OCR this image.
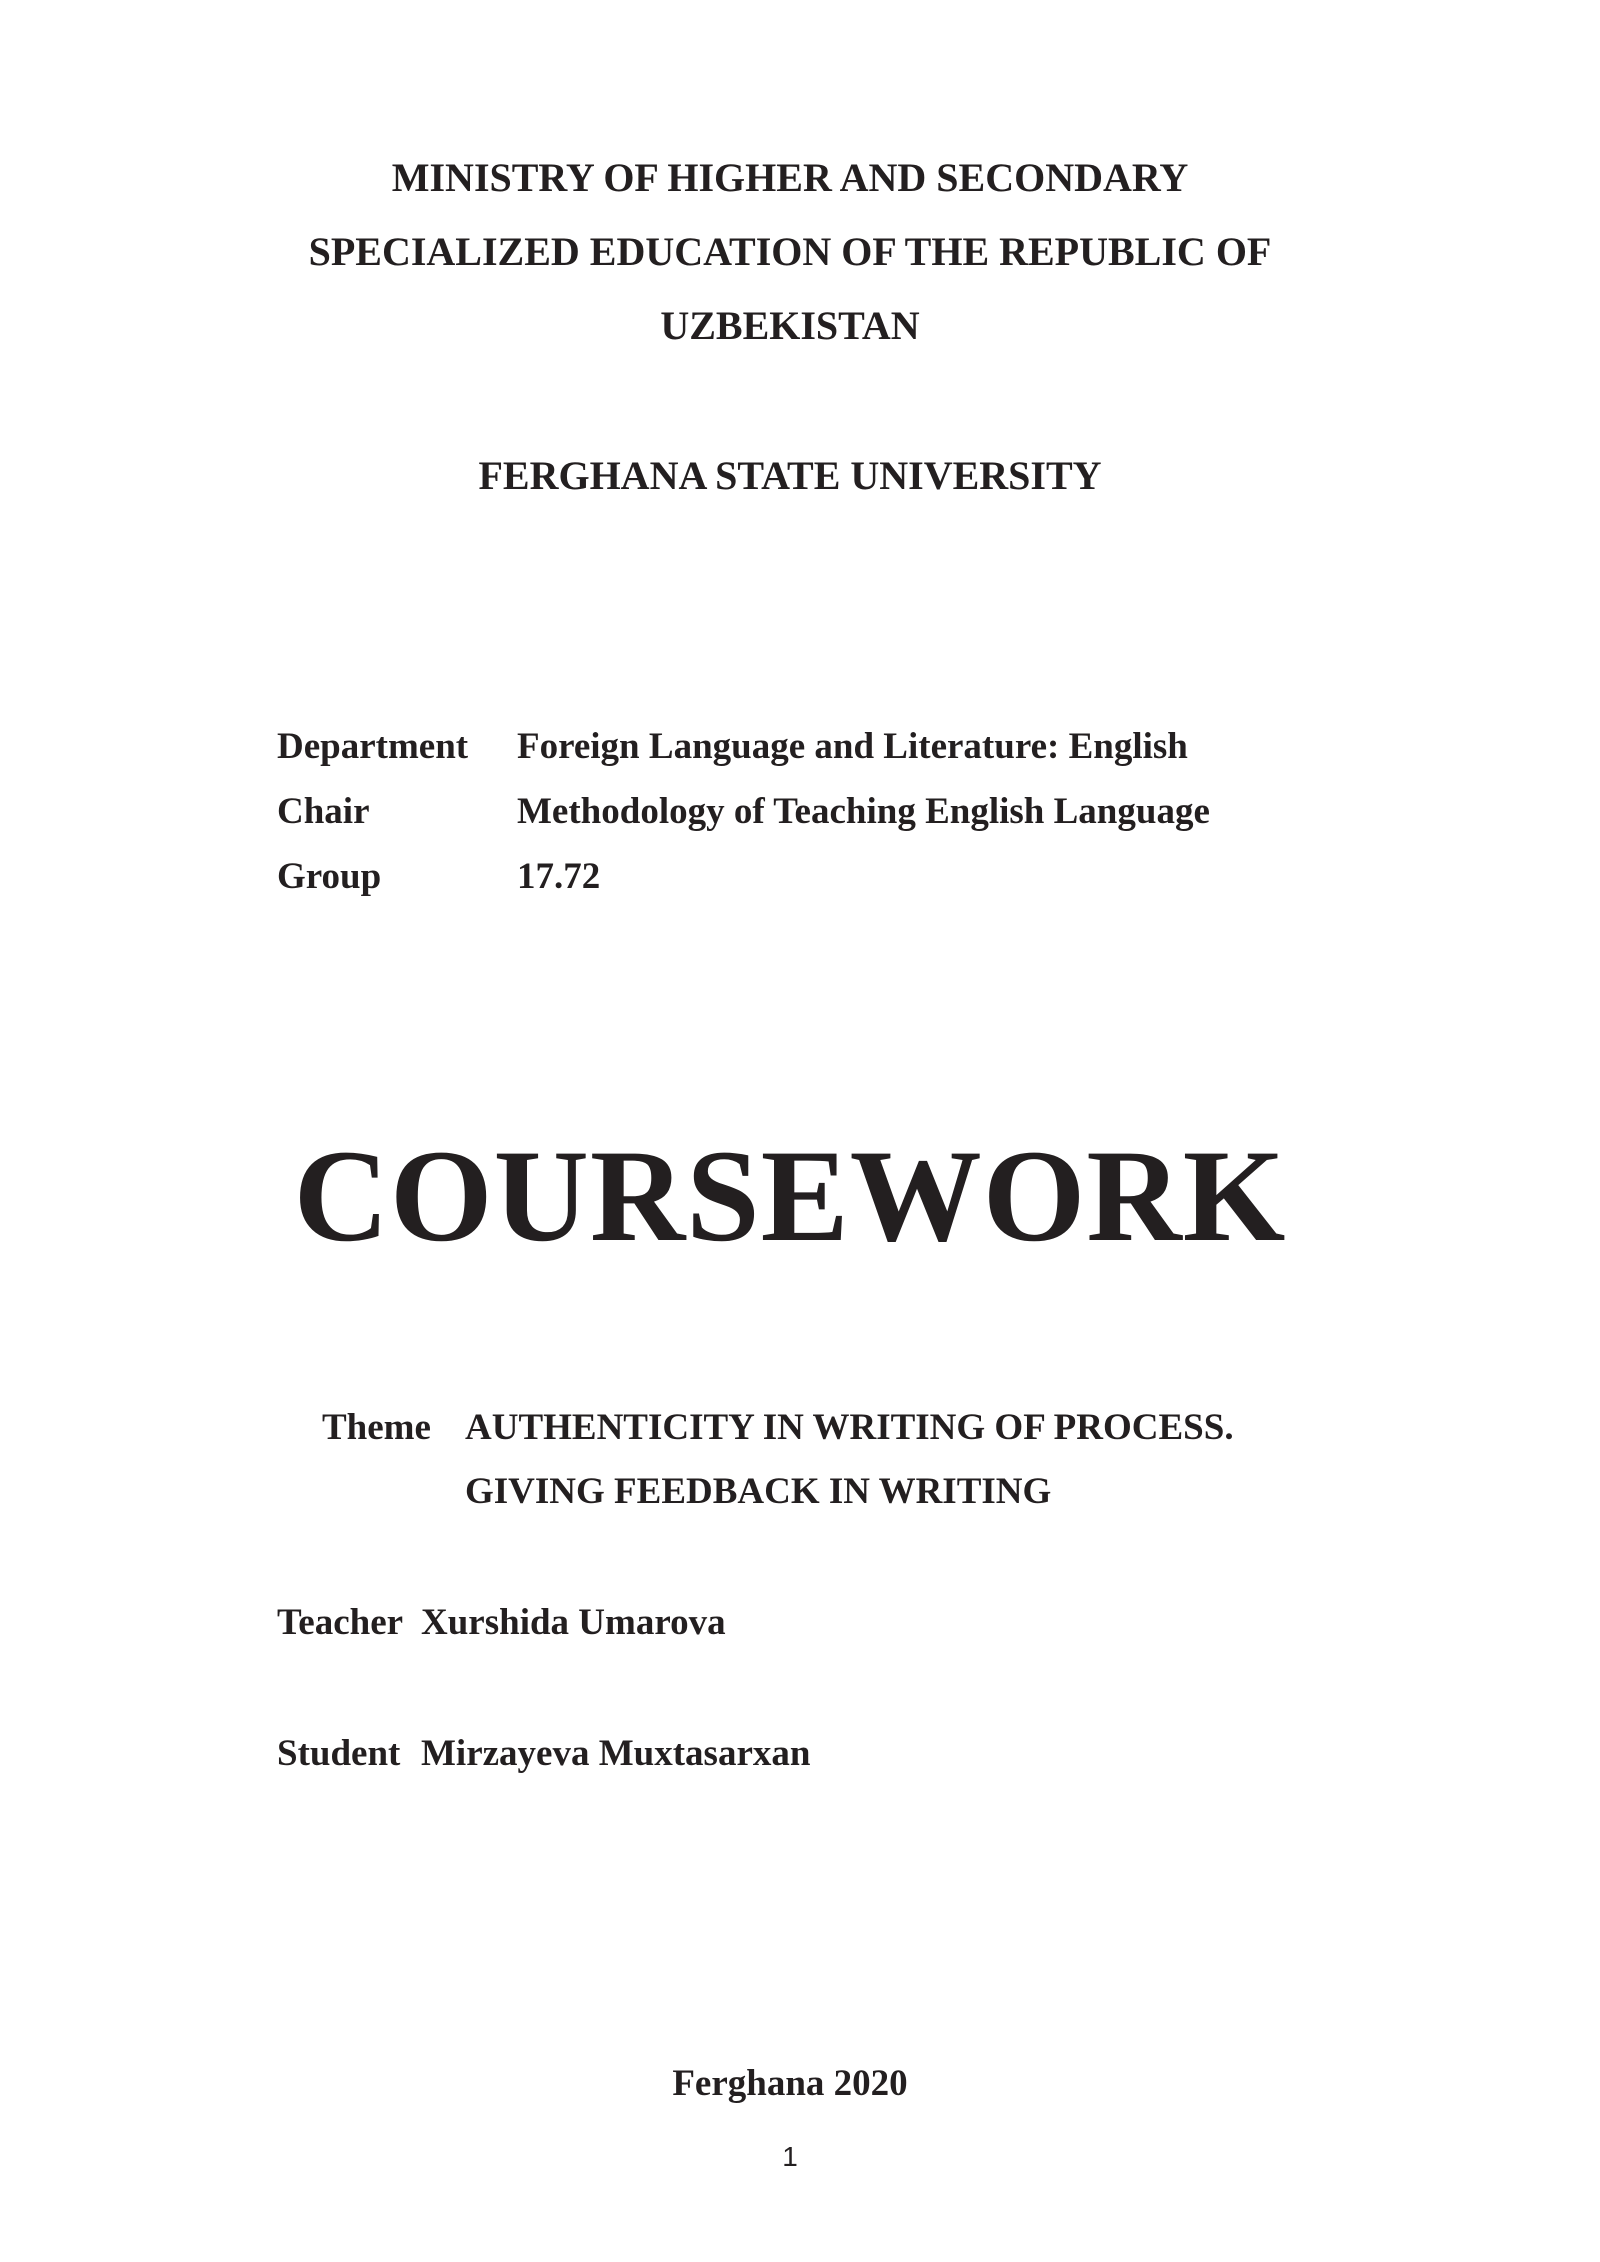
MINISTRY OF HIGHER AND SECONDARY
SPECIALIZED EDUCATION OF THE REPUBLIC OF
UZBEKISTAN
FERGHANA STATE UNIVERSITY
Department Foreign Language and Literature: English
Chair	Methodology of Teaching English Language
Group	17.72
COURSEWORK
Theme AUTHENTICITY IN WRITING OF PROCESS.
GIVING FEEDBACK IN WRITING
Teacher Xurshida Umarova
Student Mirzayeva Muxtasarxan
Ferghana 2020
1
